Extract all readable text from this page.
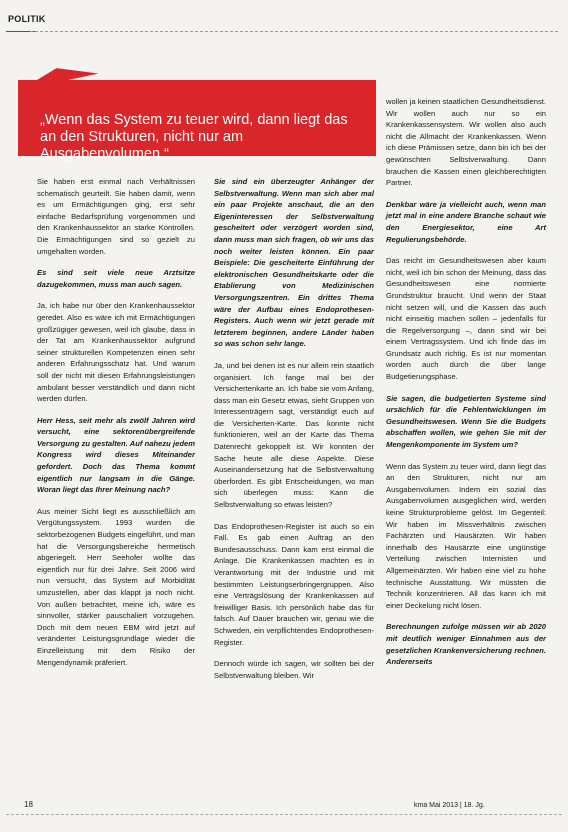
POLITIK
„Wenn das System zu teuer wird, dann liegt das an den Strukturen, nicht nur am Ausgabenvolumen.“

Sie haben erst einmal nach Verhältnissen schematisch geurteilt. Sie haben damit, wenn es um Ermächtigungen ging, erst sehr einfache Bedarfsprüfung vorgenommen und den Krankenhaussektor an starke Kontrollen. Die Ermächtigungen sind so gezielt zu umgehalten worden.

Es sind seit viele neue Arztsitze dazugekommen, muss man auch sagen.

Ja, ich habe nur über den Krankenhaussektor geredet. Also es wäre ich mit Ermächtigungen großzügiger gewesen, weil ich glaube, dass in der Tat am Krankenhaussektor aufgrund seiner strukturellen Kompetenzen einen sehr anderen Erfahrungsschatz hat. Und warum soll der nicht mit diesen Erfahrungsleistungen ambulant besser verständlich und dann nicht werden dürfen.

Herr Hess, seit mehr als zwölf Jahren wird versucht, eine sektorenübergreifende Versorgung zu gestalten. Auf nahezu jedem Kongress wird dieses Miteinander gefordert. Doch das Thema kommt eigentlich nur langsam in die Gänge. Woran liegt das Ihrer Meinung nach?

Aus meiner Sicht liegt es ausschließlich am Vergütungssystem. 1993 wurden die sektorbezogenen Budgets eingeführt, und man hat die Versorgungsbereiche hermetisch abgeriegelt. Herr Seehofer wollte das eigentlich nur für drei Jahre. Seit 2006 wird nun versucht, das System auf Morbidität umzustellen, aber das klappt ja noch nicht. Von außen betrachtet, meine ich, wäre es sinnvoller, stärker pauschaliert vorzugehen. Doch mit dem neuen EBM wird jetzt auf veränderter Leistungsgrundlage wieder die Einzelleistung mit dem Risiko der Mengendynamik präferiert.

Sie sind ein überzeugter Anhänger der Selbstverwaltung. Wenn man sich aber mal ein paar Projekte anschaut, die an den Eigeninteressen der Selbstverwaltung gescheitert oder verzögert worden sind, dann muss man sich fragen, ob wir uns das noch weiter leisten können. Ein paar Beispiele: Die gescheiterte Einführung der elektronischen Gesundheitskarte oder die Etablierung von Medizinischen Versorgungszentren. Ein drittes Thema wäre der Aufbau eines Endoprothesen-Registers. Auch wenn wir jetzt gerade mit letzterem beginnen, andere Länder haben so was schon sehr lange.

Ja, und bei denen ist es nur allein rein staatlich organisiert. Ich fange mal bei der Versichertenkarte an. Ich habe sie vom Anfang, dass man ein Gesetz etwas, sieht Gruppen von Interessenträgern sagt, verständigt euch auf die Versicherten-Karte. Das konnte nicht funktionieren, weil an der Karte das Thema Datenrecht gekoppelt ist. Wir konnten der Sache heute alle diese Aspekte. Diese Auseinandersetzung hat die Selbstverwaltung überfordert. Es gibt Entscheidungen, wo man sich überlegen muss: Kann die Selbstverwaltung so etwas leisten?

Das Endoprothesen-Register ist auch so ein Fall. Es gab einen Auftrag an den Bundesausschuss. Dann kam erst einmal die Anlage. Die Krankenkassen machten es in Verantwortung mit der Industrie und mit bestimmten Leistungserbringergruppen. Also eine Verträgslösung der Krankenkassen auf freiwilliger Basis. Ich persönlich habe das für falsch. Auf Dauer brauchen wir, genau wie die Schweden, ein verpflichtendes Endoprothesen-Register.

Dennoch würde ich sagen, wir sollten bei der Selbstverwaltung bleiben. Wir

wollen ja keinen staatlichen Gesundheitsdienst. Wir wollen auch nur so ein Krankenkassensystem. Wir wollen also auch nicht die Allmacht der Krankenkassen. Wenn ich diese Prämissen setze, dann bin ich bei der gewünschten Selbstverwaltung. Dann brauchen die Kassen einen gleichberechtigten Partner.

Denkbar wäre ja vielleicht auch, wenn man jetzt mal in eine andere Branche schaut wie den Energiesektor, eine Art Regulierungsbehörde.

Das reicht im Gesundheitswesen aber kaum nicht, weil ich bin schon der Meinung, dass das Gesundheitswesen eine normierte Grundstruktur braucht. Und wenn der Staat nicht setzen will, und die Kassen das auch nicht einseitig machen sollen – jedenfalls für die Regelversorgung –, dann sind wir bei einem Vertragssystem. Und ich finde das im Grundsatz auch richtig. Es ist nur momentan worden auch durch die über lange Budgetierungsphase.

Sie sagen, die budgetierten Systeme sind ursächlich für die Fehlentwicklungen im Gesundheitswesen. Wenn Sie die Budgets abschaffen wollen, wie gehen Sie mit der Mengenkomponente im System um?

Wenn das System zu teuer wird, dann liegt das an den Strukturen, nicht nur am Ausgabenvolumen. Indem ein sozial das Ausgabenvolumen ausgeglichen wird, werden keine Strukturprobleme gelöst. Im Gegenteil: Wir haben im Missverhältnis zwischen Fachärzten und Hausärzten. Wir haben innerhalb des Hausärzte eine ungünstige Verteilung zwischen Internisten und Allgemeinärzten. Wir haben eine viel zu hohe technische Ausstattung. Wir müssten die Technik konzentrieren. All das kann ich mit einer Deckelung nicht lösen.

Berechnungen zufolge müssen wir ab 2020 mit deutlich weniger Einnahmen aus der gesetzlichen Krankenversicherung rechnen. Andererseits

18	kma Mai 2013 | 18. Jg.
